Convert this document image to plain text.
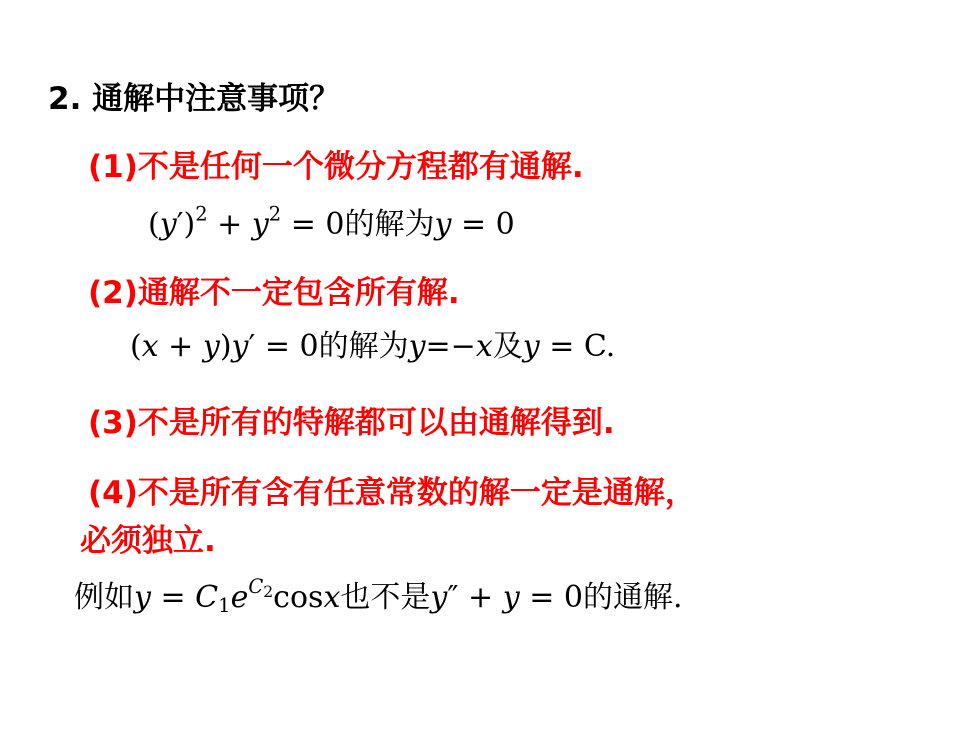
2. 通解中注意事项？
(1)不是任何一个微分方程都有通解.
$(y')^2 + y^2 = 0$的解为y = 0
(2)通解不一定包含所有解.
(x + y)y′ = 0的解为y=−x及y = C.
(3)不是所有的特解都可以由通解得到.
(4)不是所有含有任意常数的解一定是通解，
必须独立.
例如$y = C_1e^{C_2}\cos x$也不是y″ + y = 0的通解.
